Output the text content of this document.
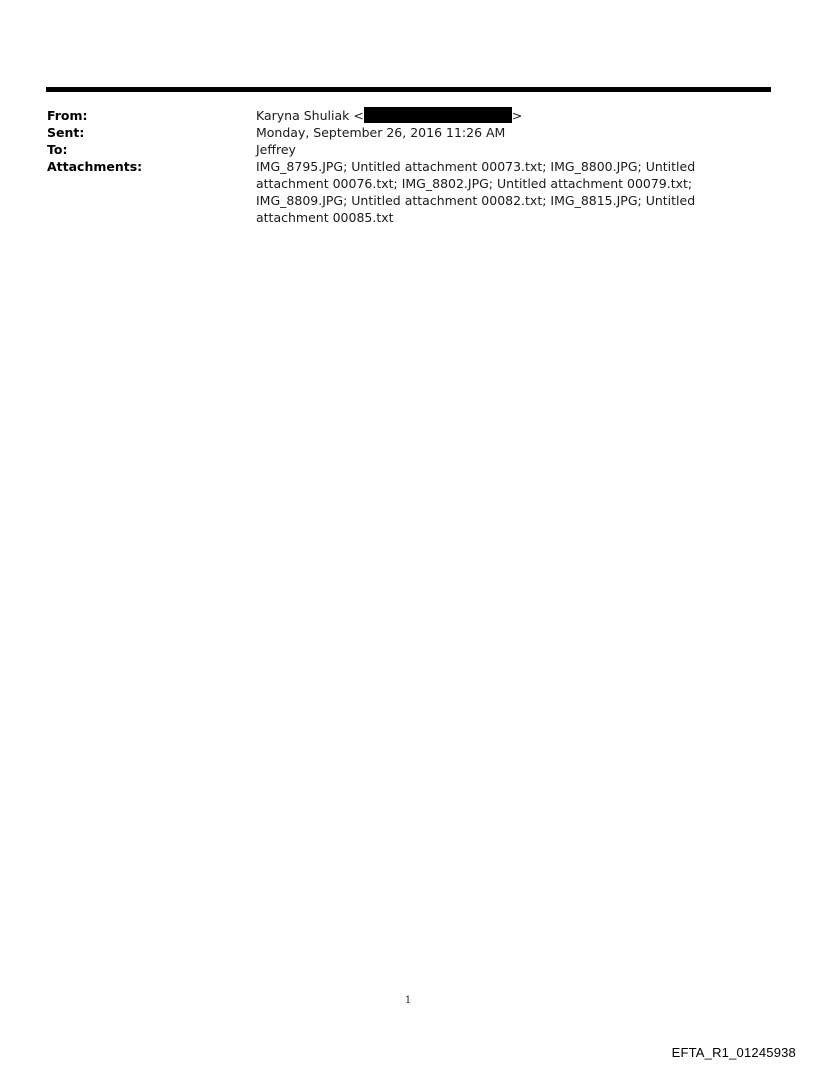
From:	Karyna Shuliak <	>
Sent:	Monday, September 26, 2016 11:26 AM
To:	Jeffrey
Attachments:	IMG_8795.JPG; Untitled attachment 00073.txt; IMG_8800.JPG; Untitled attachment 00076.txt; IMG_8802.JPG; Untitled attachment 00079.txt; IMG_8809.JPG; Untitled attachment 00082.txt; IMG_8815.JPG; Untitled attachment 00085.txt
1
EFTA_R1_01245938
